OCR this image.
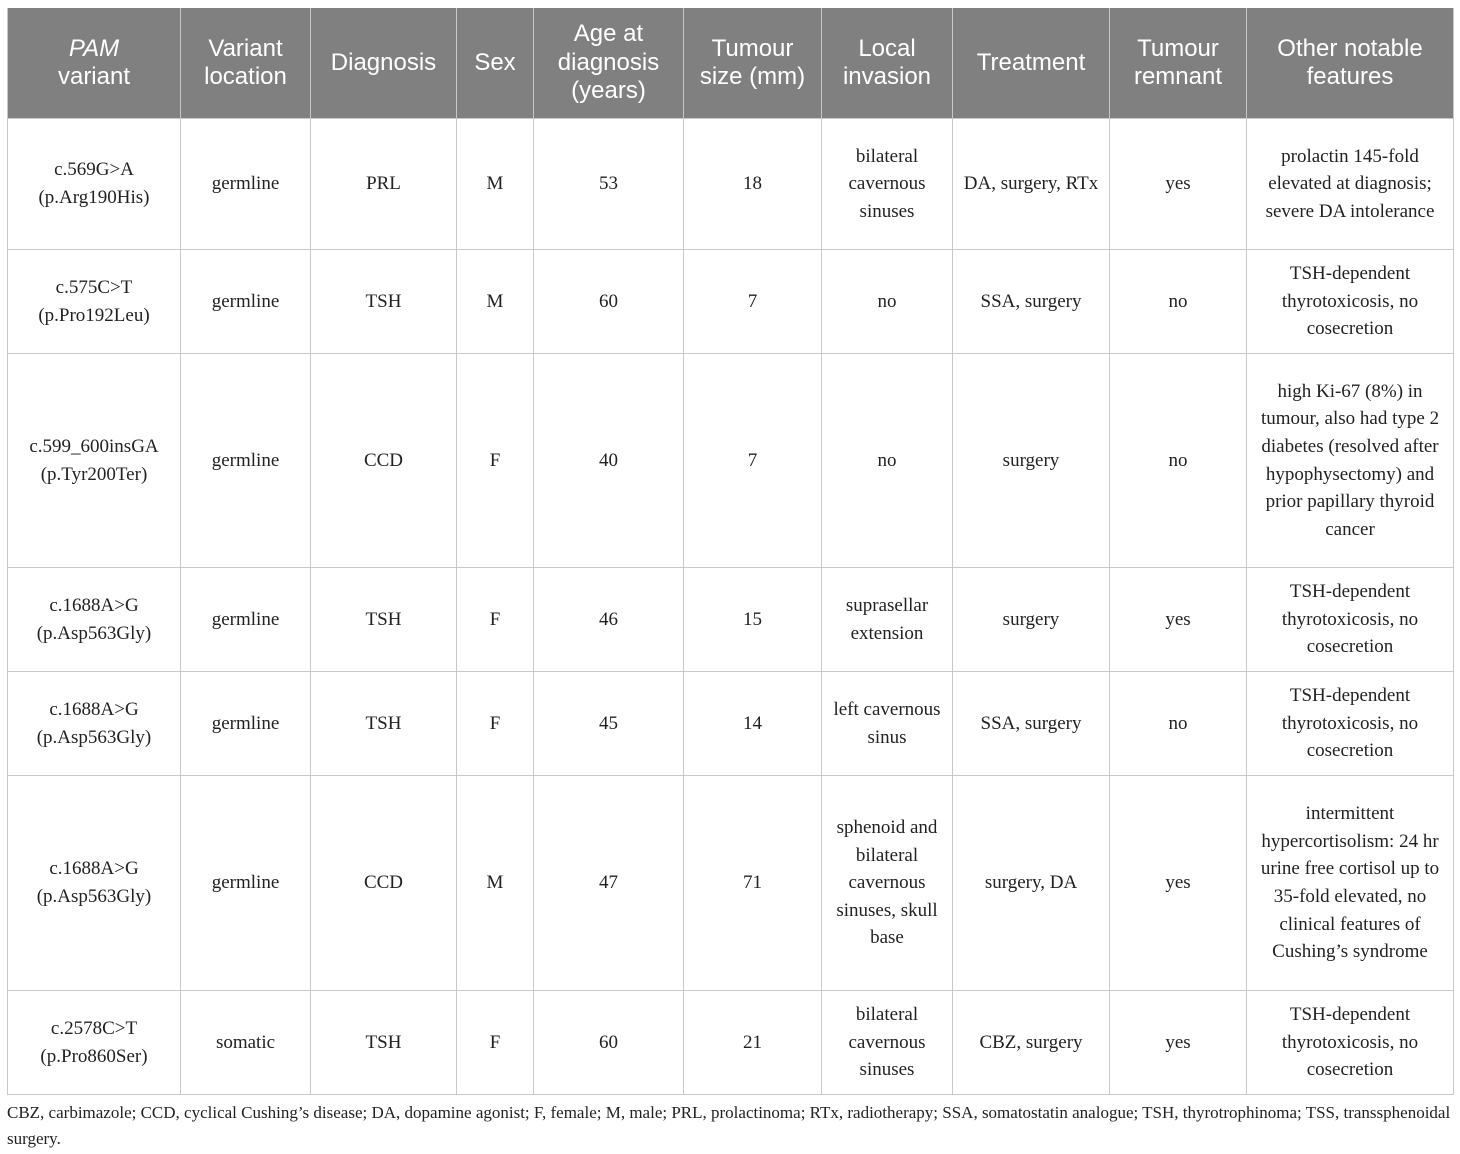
PAM
variant	Variant location	Diagnosis	Sex	Age at diagnosis (years)	Tumour size (mm)	Local invasion	Treatment	Tumour remnant	Other notable features
c.569G>A (p.Arg190His)	germline	PRL	M	53	18	bilateral cavernous sinuses	DA, surgery, RTx	yes	prolactin 145-fold elevated at diagnosis; severe DA intolerance
c.575C>T (p.Pro192Leu)	germline	TSH	M	60	7	no	SSA, surgery	no	TSH-dependent thyrotoxicosis, no cosecretion
c.599_600insGA (p.Tyr200Ter)	germline	CCD	F	40	7	no	surgery	no	high Ki-67 (8%) in tumour, also had type 2 diabetes (resolved after hypophysectomy) and prior papillary thyroid cancer
c.1688A>G (p.Asp563Gly)	germline	TSH	F	46	15	suprasellar extension	surgery	yes	TSH-dependent thyrotoxicosis, no cosecretion
c.1688A>G (p.Asp563Gly)	germline	TSH	F	45	14	left cavernous sinus	SSA, surgery	no	TSH-dependent thyrotoxicosis, no cosecretion
c.1688A>G (p.Asp563Gly)	germline	CCD	M	47	71	sphenoid and bilateral cavernous sinuses, skull base	surgery, DA	yes	intermittent hypercortisolism: 24 hr urine free cortisol up to 35-fold elevated, no clinical features of Cushing’s syndrome
c.2578C>T (p.Pro860Ser)	somatic	TSH	F	60	21	bilateral cavernous sinuses	CBZ, surgery	yes	TSH-dependent thyrotoxicosis, no cosecretion

CBZ, carbimazole; CCD, cyclical Cushing’s disease; DA, dopamine agonist; F, female; M, male; PRL, prolactinoma; RTx, radiotherapy; SSA, somatostatin analogue; TSH, thyrotrophinoma; TSS, transsphenoidal surgery.
